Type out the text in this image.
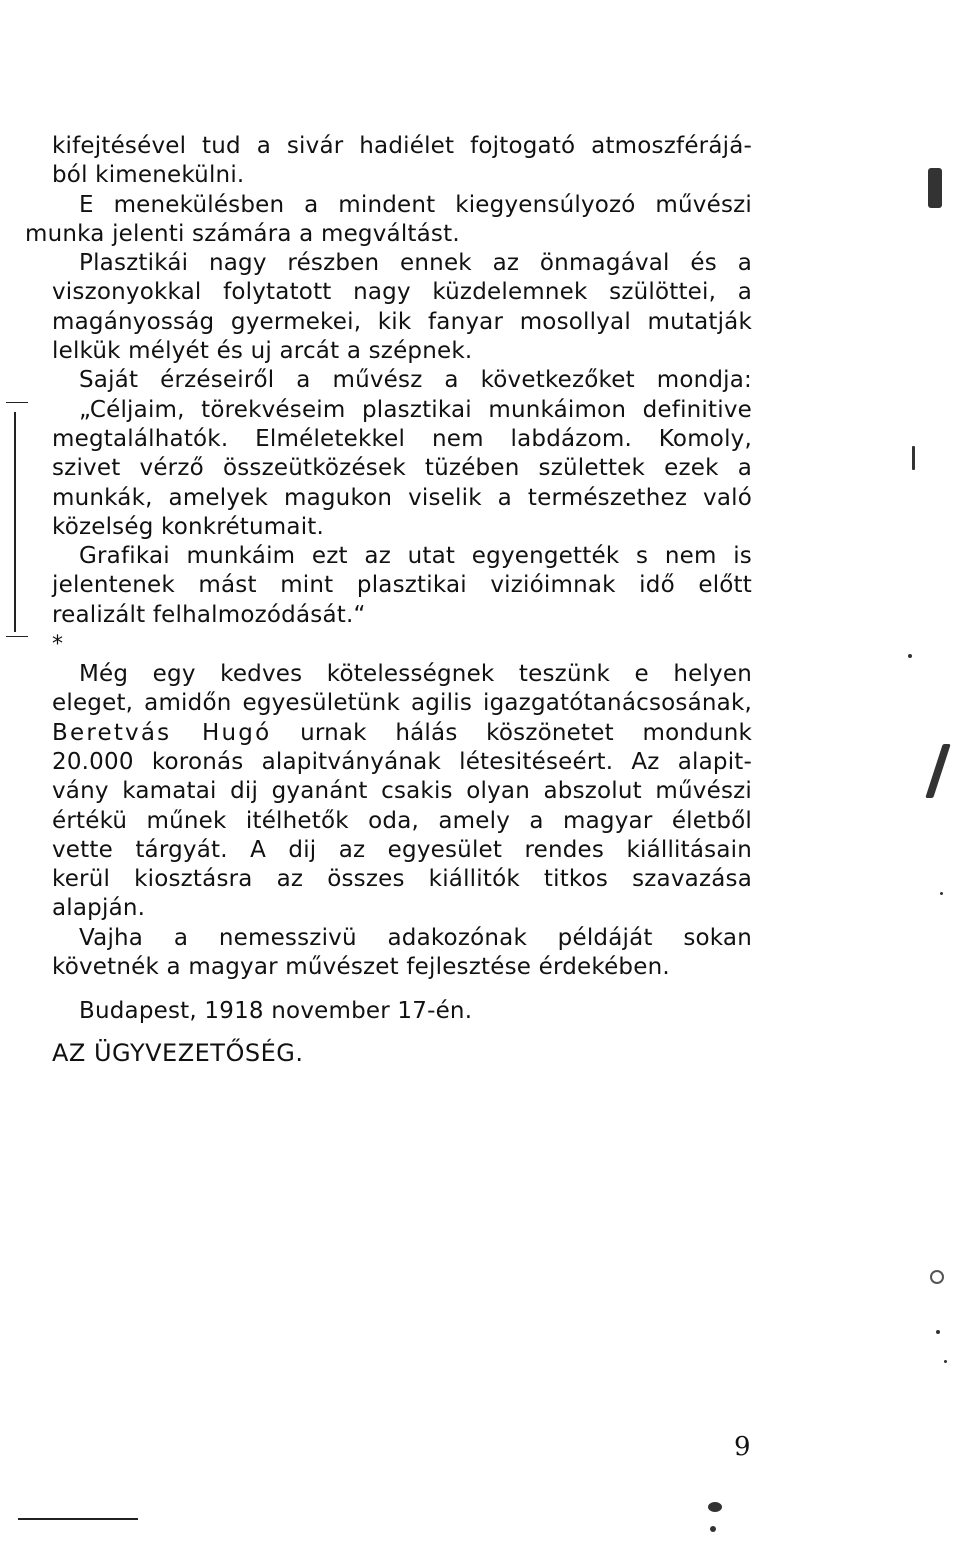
kifejtésével tud a sivár hadiélet fojtogató atmoszférájá-
ból kimenekülni.

E menekülésben a mindent kiegyensúlyozó művészi
munka jelenti számára a megváltást.

Plasztikái nagy részben ennek az önmagával és a
viszonyokkal folytatott nagy küzdelemnek szülöttei, a
magányosság gyermekei, kik fanyar mosollyal mutatják
lelkük mélyét és uj arcát a szépnek.

Saját érzéseiről a művész a következőket mondja:

„Céljaim, törekvéseim plasztikai munkáimon definitive
megtalálhatók. Elméletekkel nem labdázom. Komoly,
szivet vérző összeütközések tüzében születtek ezek a
munkák, amelyek magukon viselik a természethez való
közelség konkrétumait.

Grafikai munkáim ezt az utat egyengették s nem is
jelentenek mást mint plasztikai vizióimnak idő előtt
realizált felhalmozódását.“

*

Még egy kedves kötelességnek teszünk e helyen
eleget, amidőn egyesületünk agilis igazgatótanácsosának,
Beretvás Hugó urnak hálás köszönetet mondunk
20.000 koronás alapitványának létesitéseért. Az alapit-
vány kamatai dij gyanánt csakis olyan abszolut művészi
értékü műnek itélhetők oda, amely a magyar életből
vette tárgyát. A dij az egyesület rendes kiállitásain
kerül kiosztásra az összes kiállitók titkos szavazása
alapján.

Vajha a nemesszivü adakozónak példáját sokan
követnék a magyar művészet fejlesztése érdekében.

Budapest, 1918 november 17-én.

AZ ÜGYVEZETŐSÉG.

9
